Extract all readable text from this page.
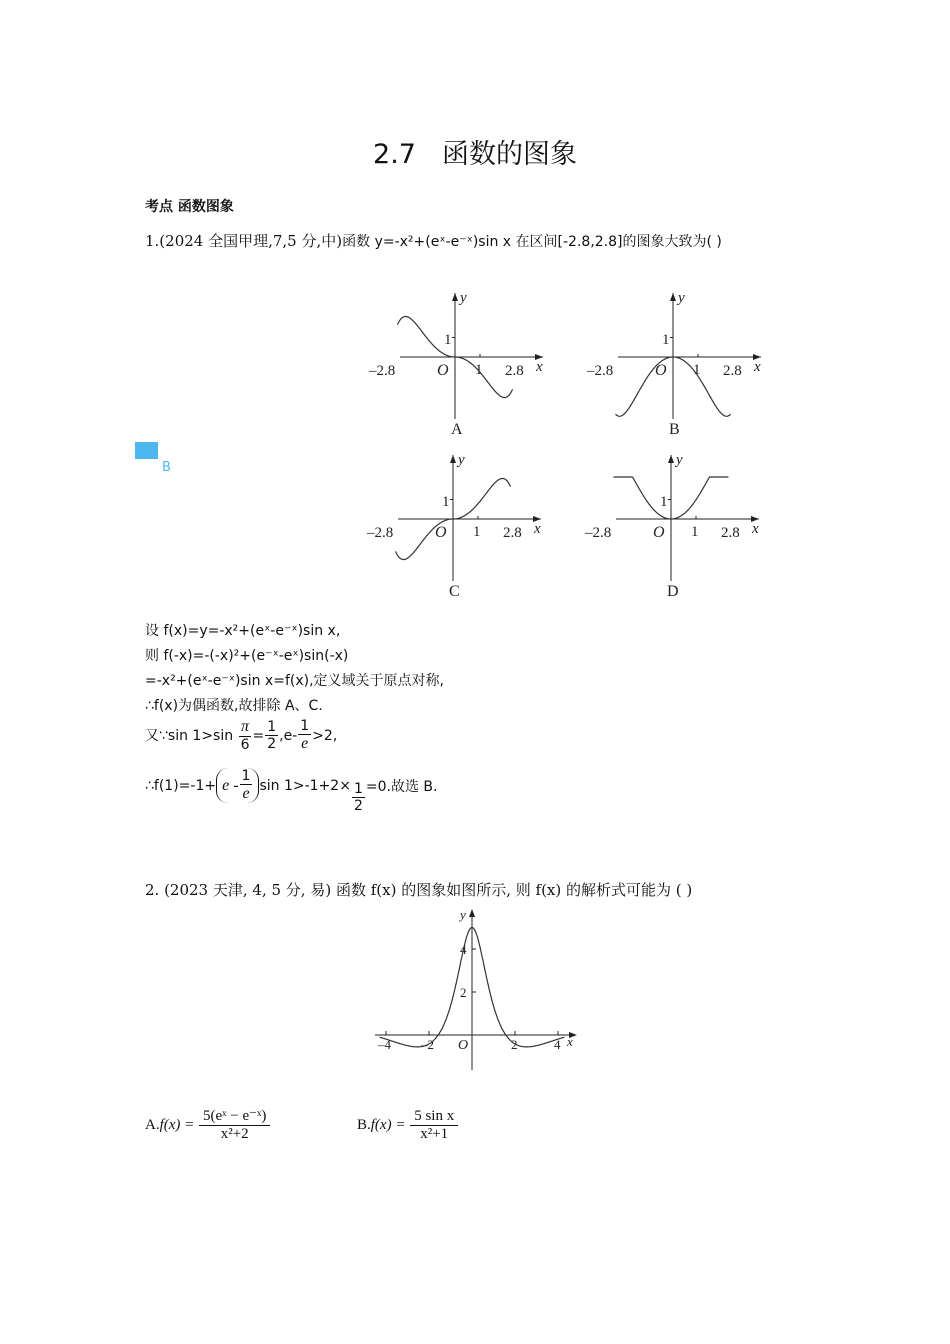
2.7 函数的图象
考点 函数图象
1.(2024 全国甲理,7,5 分,中)函数 y=-x²+(eˣ-e⁻ˣ)sin x 在区间[-2.8,2.8]的图象大致为( )
y
x
O
1
1
–2.8	2.8
A
y
x
O
1
1
–2.8	2.8
B
y
x
O
1
1
–2.8	2.8
C
y
x
O
1
1
–2.8	2.8
D
B
设 f(x)=y=-x²+(eˣ-e⁻ˣ)sin x,
则 f(-x)=-(-x)²+(e⁻ˣ-eˣ)sin(-x)
=-x²+(eˣ-e⁻ˣ)sin x=f(x),定义域关于原点对称,
∴f(x)为偶函数,故排除 A、C.
又∵sin $1>\sin \frac{\pi}{6} = \frac{1}{2} ,e- \frac{1}{e} >2$,
∴f(1)=-1+ e - $\frac{1}{e}$ $\sin 1>-1+2\times \frac{1}{2} =0$.故选 B.
2. (2023 天津, 4, 5 分, 易) 函数 f(x) 的图象如图所示, 则 f(x) 的解析式可能为 ( )
4
2
–4 –2	2	4
y
x
O
$A.f(x) = \frac{\text{5(eˣ − e⁻ˣ)}}{\text{x²+2}}$	$B.f(x) = \frac{\text{5 sin x}}{\text{x²+1}}$
